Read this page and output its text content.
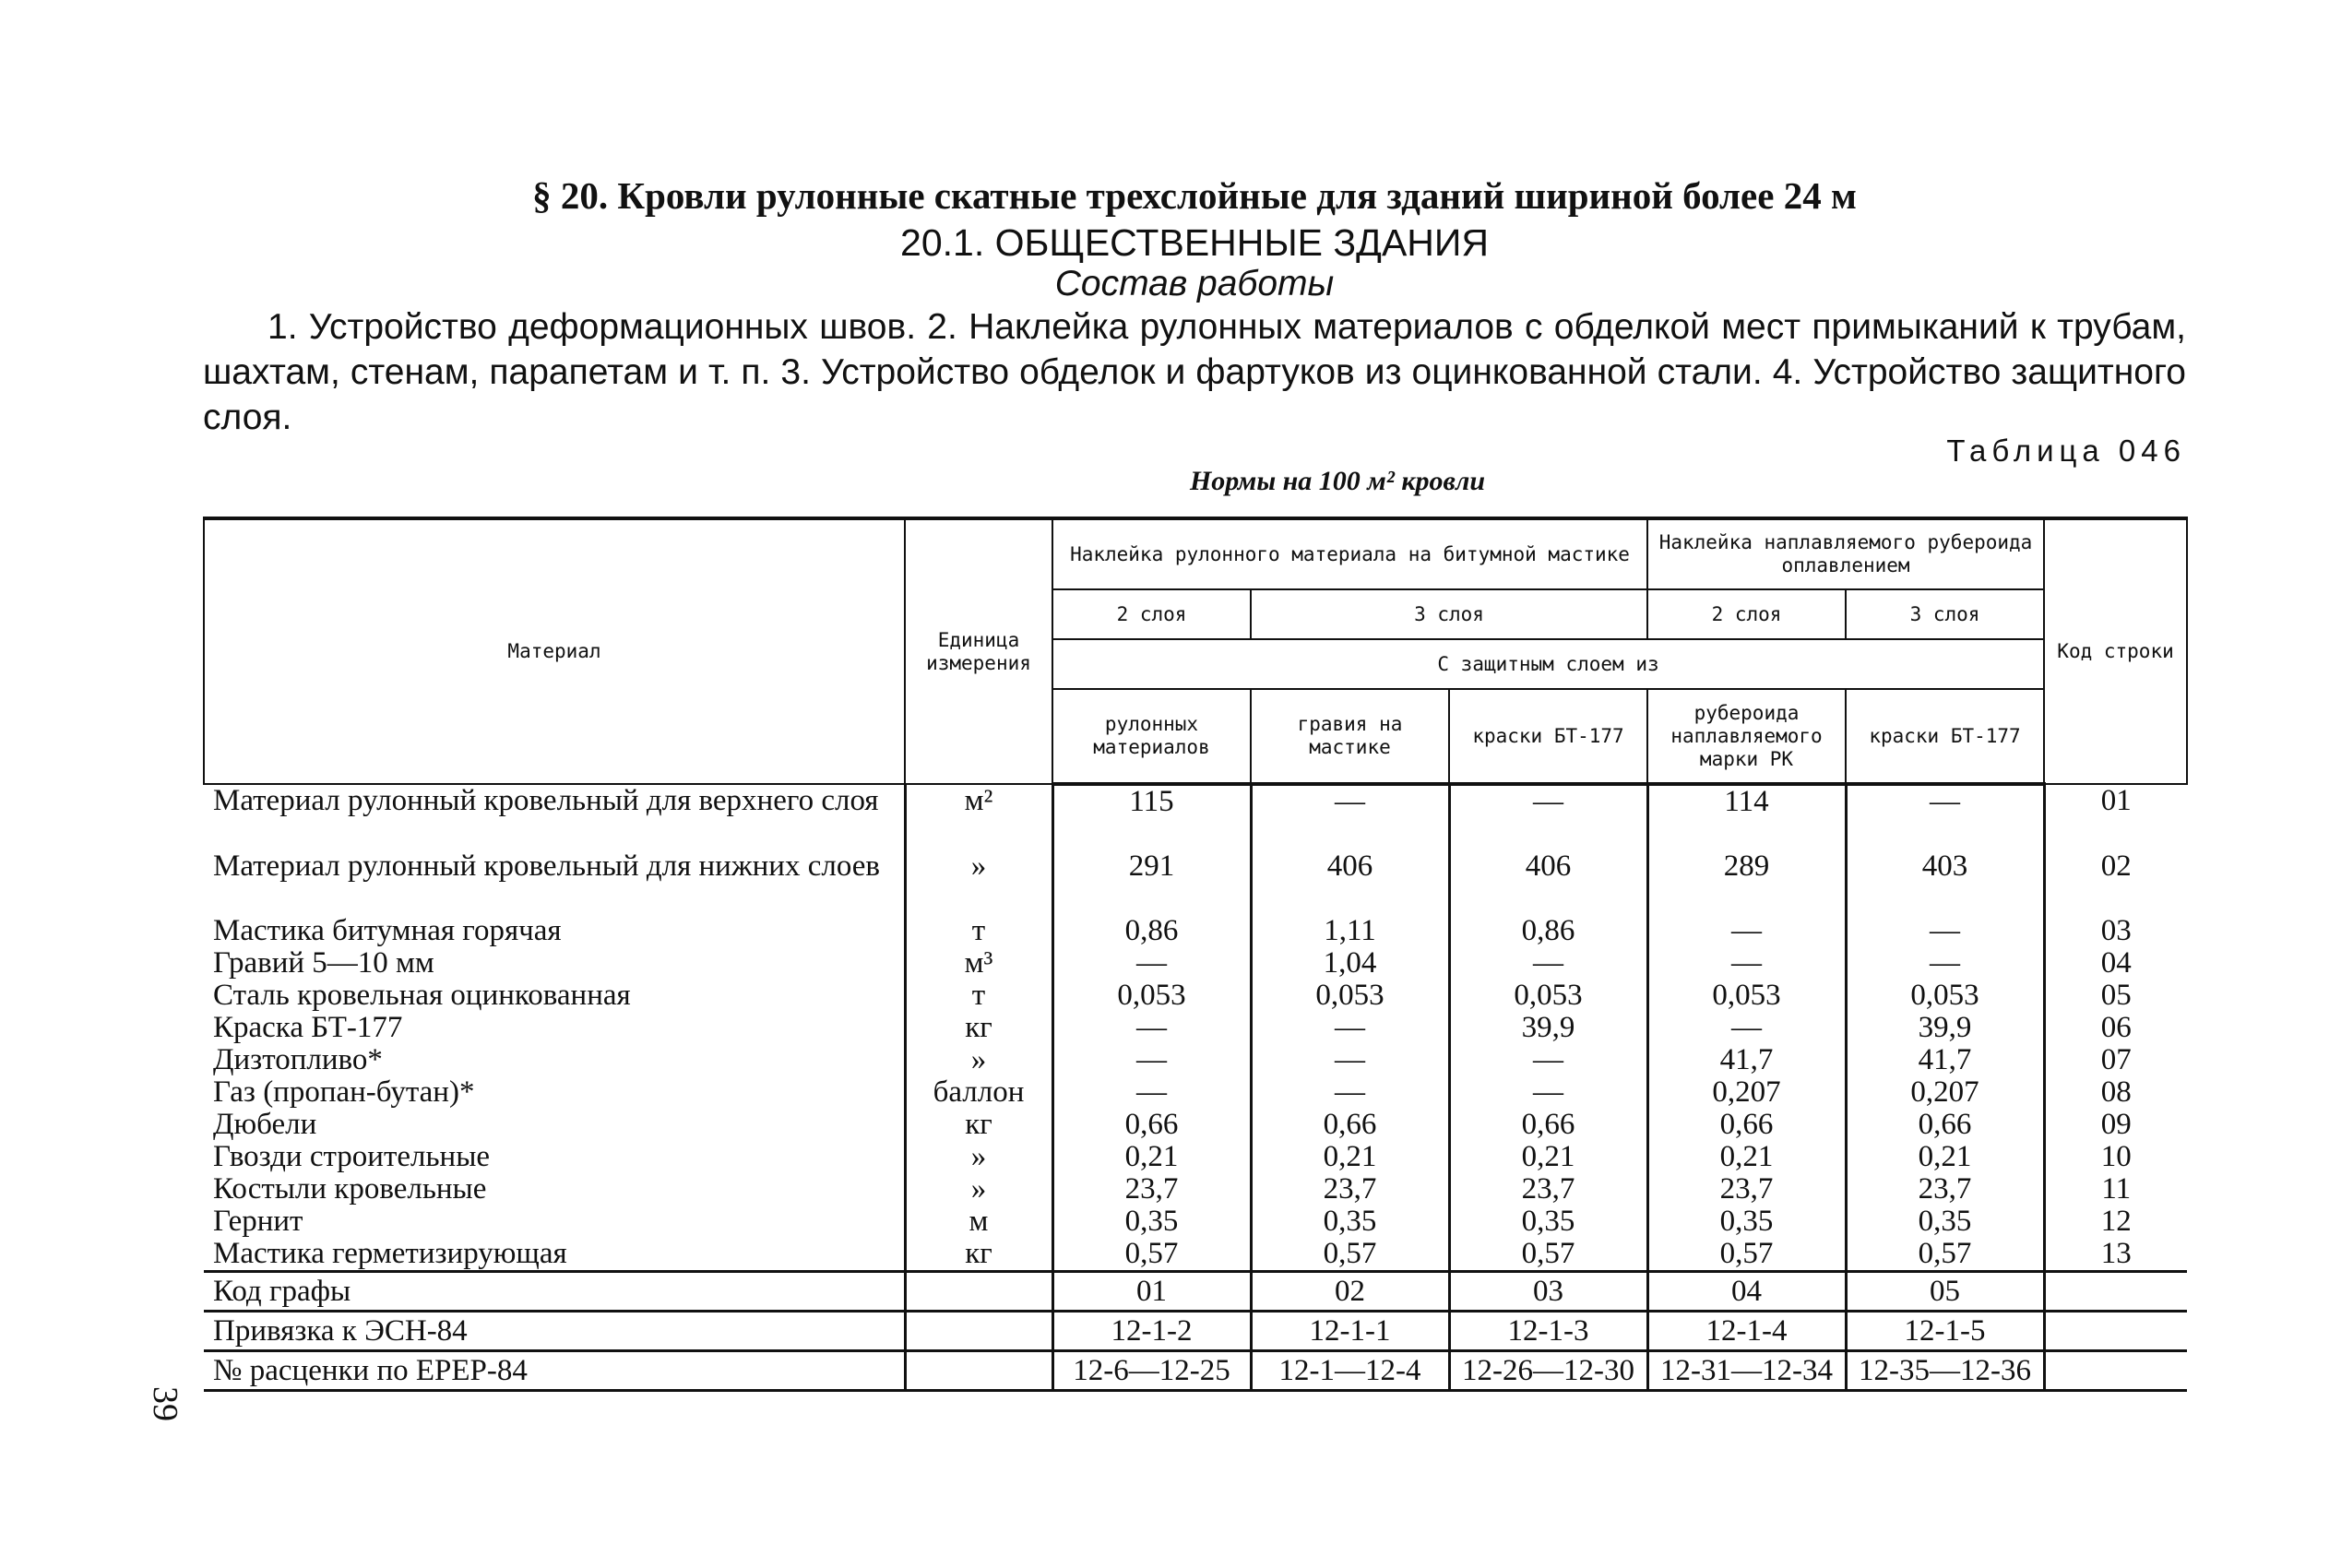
§ 20. Кровли рулонные скатные трехслойные для зданий шириной более 24 м
20.1. ОБЩЕСТВЕННЫЕ ЗДАНИЯ
Состав работы
1. Устройство деформационных швов. 2. Наклейка рулонных материалов с обделкой мест примыканий к трубам, шахтам, стенам, парапетам и т. п. 3. Устройство обделок и фартуков из оцинкованной стали. 4. Устройство защитного слоя.
Таблица 046
Нормы на 100 м² кровли
Материал	Единица измерения	Наклейка рулонного материала на битумной мастике			Наклейка наплавляемого рубероида оплавлением		Код строки
		2 слоя	3 слоя		2 слоя	3 слоя	
		С защитным слоем из					
		рулонных материалов	гравия на мастике	краски БТ-177	рубероида наплавляемого марки РК	краски БТ-177	
Материал рулонный кровельный для верхнего слоя	м²	115	—	—	114	—	01
Материал рулонный кровельный для нижних слоев	»	291	406	406	289	403	02
Мастика битумная горячая	т	0,86	1,11	0,86	—	—	03
Гравий 5—10 мм	м³	—	1,04	—	—	—	04
Сталь кровельная оцинкованная	т	0,053	0,053	0,053	0,053	0,053	05
Краска БТ-177	кг	—	—	39,9	—	39,9	06
Дизтопливо*	»	—	—	—	41,7	41,7	07
Газ (пропан-бутан)*	баллон	—	—	—	0,207	0,207	08
Дюбели	кг	0,66	0,66	0,66	0,66	0,66	09
Гвозди строительные	»	0,21	0,21	0,21	0,21	0,21	10
Костыли кровельные	»	23,7	23,7	23,7	23,7	23,7	11
Гернит	м	0,35	0,35	0,35	0,35	0,35	12
Мастика герметизирующая	кг	0,57	0,57	0,57	0,57	0,57	13
Код графы		01	02	03	04	05	
Привязка к ЭСН-84		12-1-2	12-1-1	12-1-3	12-1-4	12-1-5	
№ расценки по ЕРЕР-84		12-6—12-25	12-1—12-4	12-26—12-30	12-31—12-34	12-35—12-36	
39
